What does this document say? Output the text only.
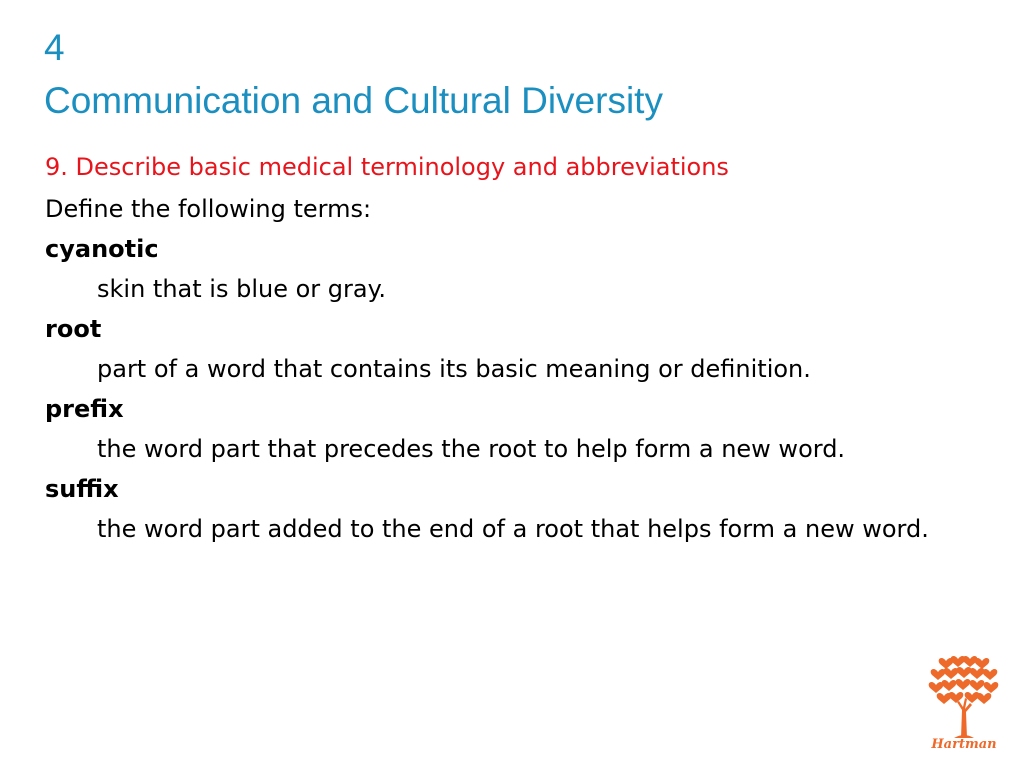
4
Communication and Cultural Diversity
9. Describe basic medical terminology and abbreviations
Define the following terms:
cyanotic
skin that is blue or gray.
root
part of a word that contains its basic meaning or definition.
prefix
the word part that precedes the root to help form a new word.
suffix
the word part added to the end of a root that helps form a new word.
Hartman
